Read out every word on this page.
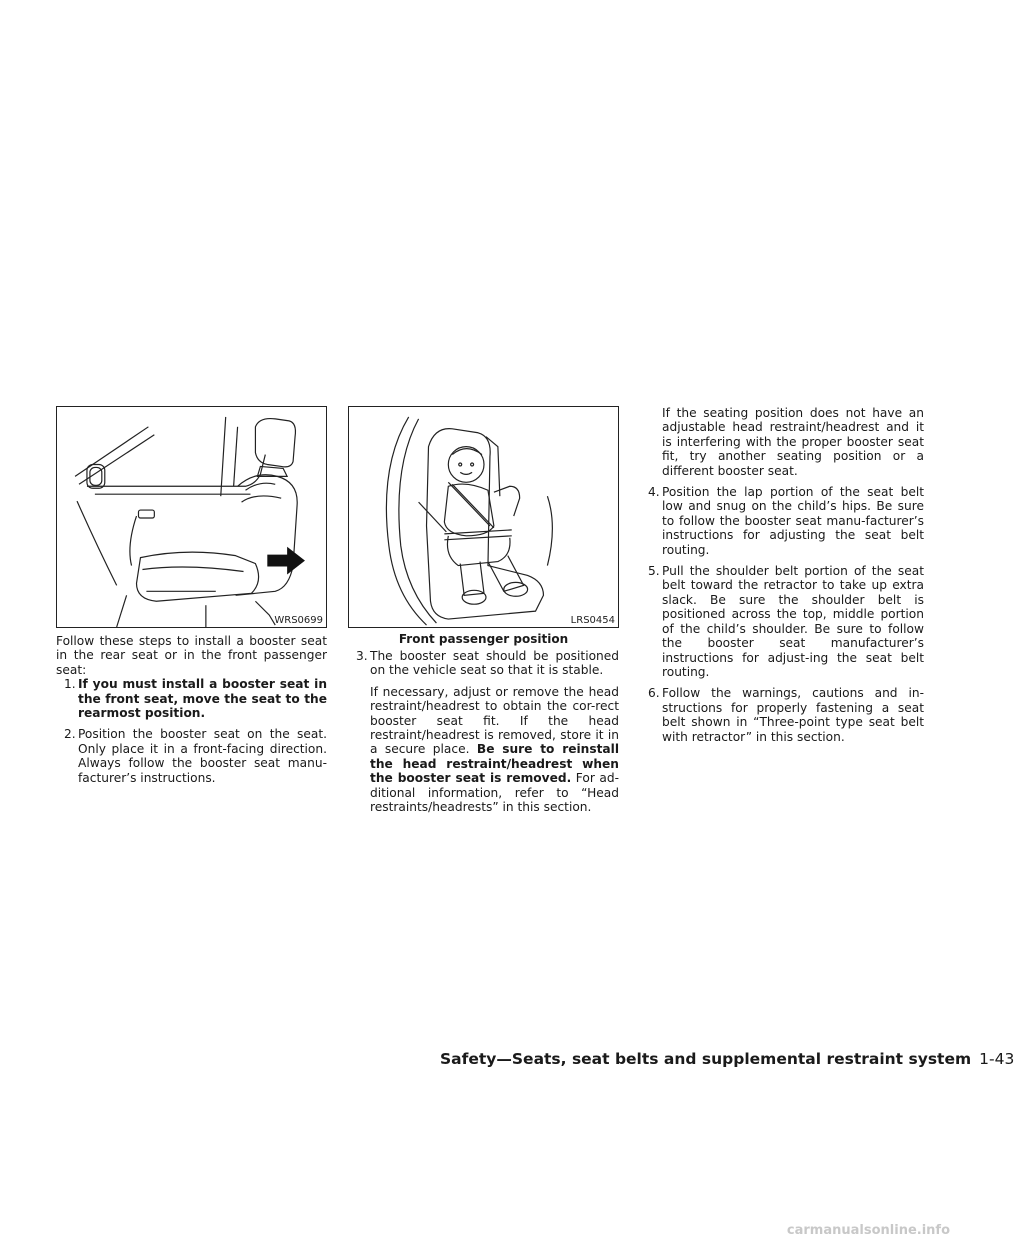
WRS0699	LRS0454
Front passenger position

Follow these steps to install a booster seat in the rear seat or in the front passenger seat:

1. If you must install a booster seat in the front seat, move the seat to the rearmost position.
2. Position the booster seat on the seat. Only place it in a front-facing direction. Always follow the booster seat manu-facturer’s instructions.
3. The booster seat should be positioned on the vehicle seat so that it is stable.

If necessary, adjust or remove the head restraint/headrest to obtain the cor-rect booster seat fit. If the head restraint/headrest is removed, store it in a secure place. Be sure to reinstall the head restraint/headrest when the booster seat is removed. For ad-ditional information, refer to “Head restraints/headrests” in this section.

If the seating position does not have an adjustable head restraint/headrest and it is interfering with the proper booster seat fit, try another seating position or a different booster seat.

4. Position the lap portion of the seat belt low and snug on the child’s hips. Be sure to follow the booster seat manu-facturer’s instructions for adjusting the seat belt routing.
5. Pull the shoulder belt portion of the seat belt toward the retractor to take up extra slack. Be sure the shoulder belt is positioned across the top, middle portion of the child’s shoulder. Be sure to follow the booster seat manufacturer’s instructions for adjust-ing the seat belt routing.
6. Follow the warnings, cautions and in-structions for properly fastening a seat belt shown in “Three-point type seat belt with retractor” in this section.
Safety—Seats, seat belts and supplemental restraint system 1-43
carmanualsonline.info
